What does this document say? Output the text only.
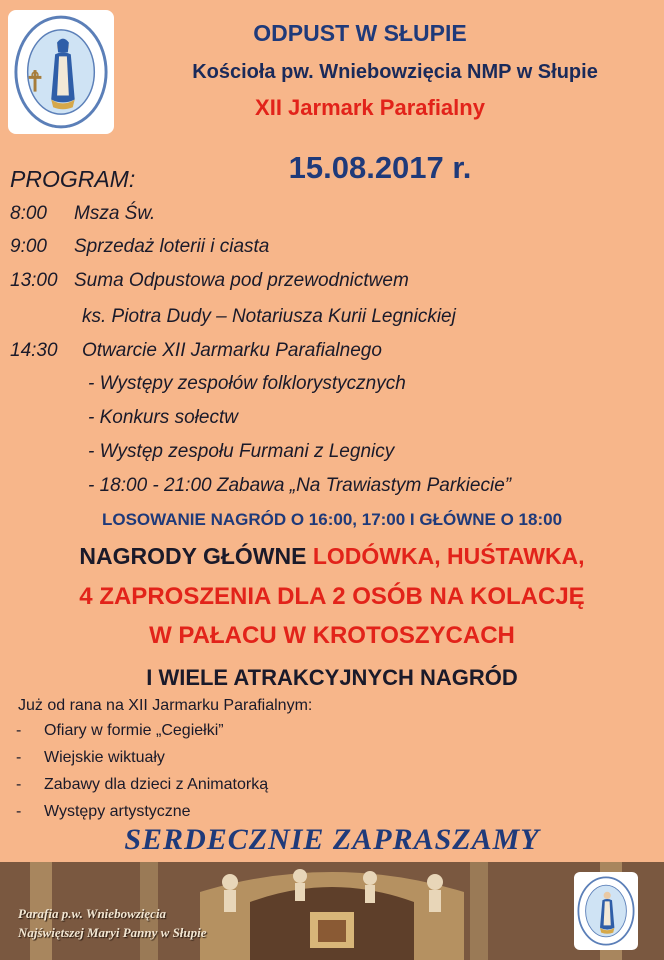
ODPUST W SŁUPIE
Kościoła pw. Wniebowzięcia NMP w Słupie
XII Jarmark Parafialny
15.08.2017 r.
PROGRAM:
8:00 Msza Św.
9:00 Sprzedaż loterii i ciasta
13:00 Suma Odpustowa pod przewodnictwem
ks. Piotra Dudy – Notariusza Kurii Legnickiej
14:30 Otwarcie XII Jarmarku Parafialnego
- Występy zespołów folklorystycznych
- Konkurs sołectw
- Występ zespołu Furmani z Legnicy
- 18:00 - 21:00 Zabawa „Na Trawiastym Parkiecie”
LOSOWANIE NAGRÓD O 16:00, 17:00 I GŁÓWNE O 18:00
NAGRODY GŁÓWNE LODÓWKA, HUŚTAWKA,
4 ZAPROSZENIA DLA 2 OSÓB NA KOLACJĘ
W PAŁACU W KROTOSZYCACH
I WIELE ATRAKCYJNYCH NAGRÓD
Już od rana na XII Jarmarku Parafialnym:
- Ofiary w formie „Cegiełki”
- Wiejskie wiktuały
- Zabawy dla dzieci z Animatorką
- Występy artystyczne
SERDECZNIE ZAPRASZAMY
Parafia p.w. Wniebowzięcia
Najświętszej Maryi Panny w Słupie
